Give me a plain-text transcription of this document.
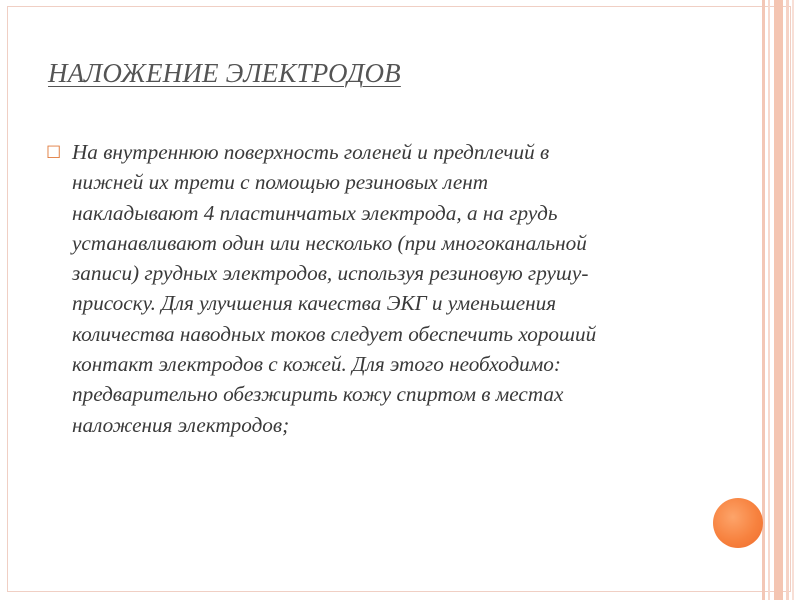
НАЛОЖЕНИЕ ЭЛЕКТРОДОВ
☐ На внутреннюю поверхность голеней и предплечий в
нижней их трети с помощью резиновых лент
накладывают 4 пластинчатых электрода, а на грудь
устанавливают один или несколько (при многоканальной
записи) грудных электродов, используя резиновую грушу-
присоску. Для улучшения качества ЭКГ и уменьшения
количества наводных токов следует обеспечить хороший
контакт электродов с кожей. Для этого необходимо:
предварительно обезжирить кожу спиртом в местах
наложения электродов;
